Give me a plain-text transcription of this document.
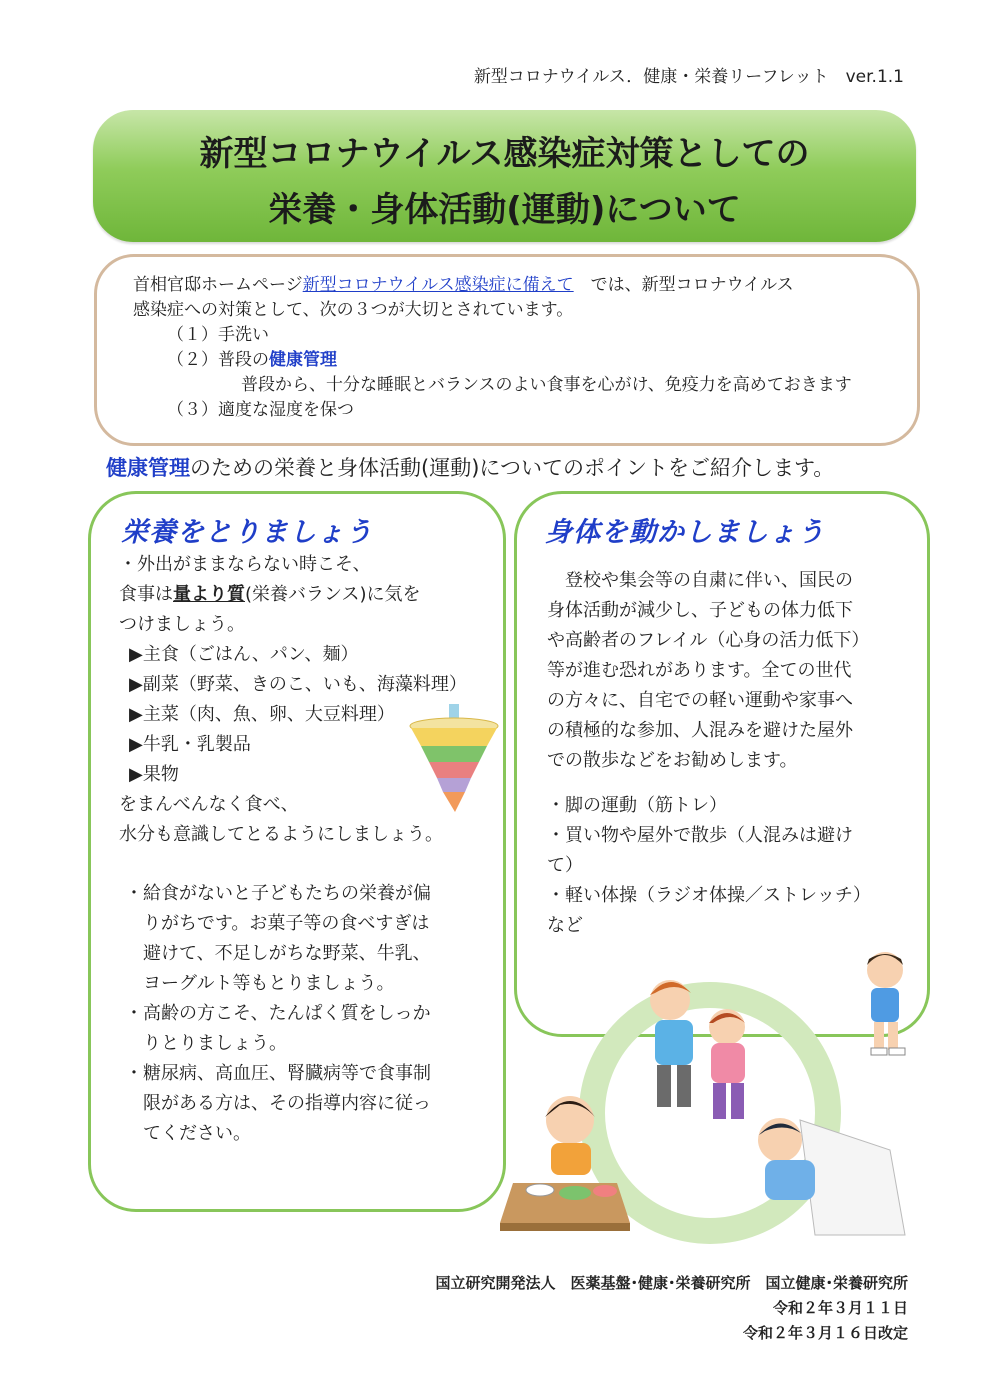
新型コロナウイルス．健康・栄養リーフレット　ver.1.1
新型コロナウイルス感染症対策としての
栄養・身体活動(運動)について
首相官邸ホームページ新型コロナウイルス感染症に備えて　では、新型コロナウイルス
感染症への対策として、次の３つが大切とされています。
（１）手洗い
（２）普段の健康管理
普段から、十分な睡眠とバランスのよい食事を心がけ、免疫力を高めておきます
（３）適度な湿度を保つ
健康管理のための栄養と身体活動(運動)についてのポイントをご紹介します。
栄養をとりましょう

・外出がままならない時こそ、

食事は量より質(栄養バランス)に気を

つけましょう。

▶主食（ごはん、パン、麺）

▶副菜（野菜、きのこ、いも、海藻料理）

▶主菜（肉、魚、卵、大豆料理）

▶牛乳・乳製品

▶果物

をまんべんなく食べ、

水分も意識してとるようにしましょう。

・給食がないと子どもたちの栄養が偏

りがちです。お菓子等の食べすぎは

避けて、不足しがちな野菜、牛乳、

ヨーグルト等もとりましょう。

・高齢の方こそ、たんぱく質をしっか

りとりましょう。

・糖尿病、高血圧、腎臓病等で食事制

限がある方は、その指導内容に従っ

てください。

身体を動かしましょう

　登校や集会等の自粛に伴い、国民の

身体活動が減少し、子どもの体力低下

や高齢者のフレイル（心身の活力低下）

等が進む恐れがあります。全ての世代

の方々に、自宅での軽い運動や家事へ

の積極的な参加、人混みを避けた屋外

での散歩などをお勧めします。

・脚の運動（筋トレ）

・買い物や屋外で散歩（人混みは避け

て）

・軽い体操（ラジオ体操／ストレッチ）

など

国立研究開発法人　医薬基盤･健康･栄養研究所　国立健康･栄養研究所
令和２年３月１１日
令和２年３月１６日改定
